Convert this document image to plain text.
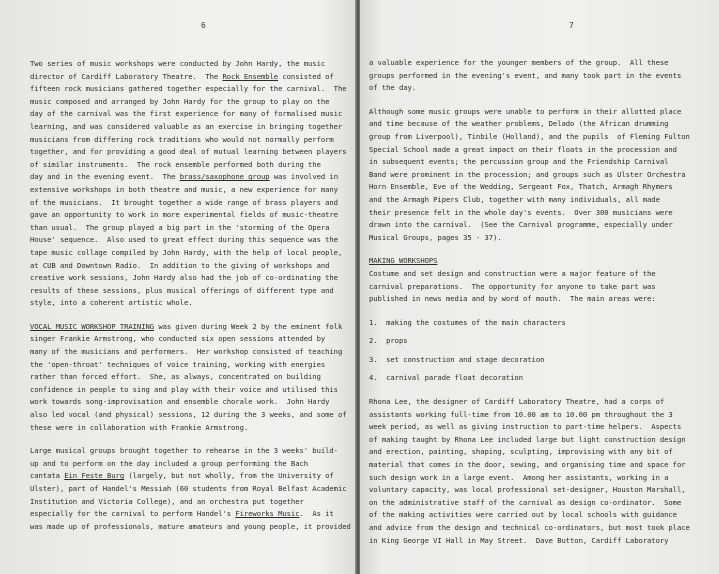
6

Two series of music workshops were conducted by John Hardy, the music

director of Cardiff Laboratory Theatre.  The Rock Ensemble consisted of

fifteen rock musicians gathered together especially for the carnival.  The

music composed and arranged by John Hardy for the group to play on the

day of the carnival was the first experience for many of formalised music

learning, and was considered valuable as an exercise in bringing together

musicians from differing rock traditions who would not normally perform

together, and for providing a good deal of mutual learning between players

of similar instruments.  The rock ensemble performed both during the

day and in the evening event.  The brass/saxophone group was involved in

extensive workshops in both theatre and music, a new experience for many

of the musicians.  It brought together a wide range of brass players and

gave an opportunity to work in more experimental fields of music-theatre

than usual.  The group played a big part in the 'storming of the Opera

House' sequence.  Also used to great effect during this sequence was the

tape music collage compiled by John Hardy, with the help of local people,

at CUB and Downtown Radio.  In addition to the giving of workshops and

creative work sessions, John Hardy also had the job of co-ordinating the

results of these sessions, plus musical offerings of different type and

style, into a coherent artistic whole.

VOCAL MUSIC WORKSHOP TRAINING was given during Week 2 by the eminent folk

singer Frankie Armstrong, who conducted six open sessions attended by

many of the musicians and performers.  Her workshop consisted of teaching

the 'open-throat' techniques of voice training, working with energies

rather than forced effort.  She, as always, concentrated on building

confidence in people to sing and play with their voice and utilised this

work towards song-improvisation and ensemble chorale work.  John Hardy

also led vocal (and physical) sessions, 12 during the 3 weeks, and some of

these were in collaboration with Frankie Armstrong.

Large musical groups brought together to rehearse in the 3 weeks' build-

up and to perform on the day included a group performing the Bach

cantata Ein Feste Burg (largely, but not wholly, from the University of

Ulster), part of Handel's Messiah (60 students from Royal Belfast Academic

Institution and Victoria College), and an orchestra put together

especially for the carnival to perform Handel's Fireworks Music.  As it

was made up of professionals, mature amateurs and young people, it provided

7

a valuable experience for the younger members of the group.  All these

groups performed in the evening's event, and many took part in the events

of the day.

Although some music groups were unable to perform in their allotted place

and time because of the weather problems, Delado (the African drumming

group from Liverpool), Tinbile (Holland), and the pupils  of Fleming Fulton

Special School made a great impact on their floats in the procession and

in subsequent events; the percussion group and the Friendship Carnival

Band were prominent in the procession; and groups such as Ulster Orchestra

Horn Ensemble, Eve of the Wedding, Sergeant Fox, Thatch, Armagh Rhymers

and the Armagh Pipers Club, together with many individuals, all made

their presence felt in the whole day's events.  Over 300 musicians were

drawn into the carnival.  (See the Carnival programme, especially under

Musical Groups, pages 35 - 37).

MAKING WORKSHOPS

Costume and set design and construction were a major feature of the

carnival preparations.  The opportunity for anyone to take part was

published in news media and by word of mouth.  The main areas were:

1.  making the costumes of the main characters

2.  props

3.  set construction and stage decoration

4.  carnival parade float decoration

Rhona Lee, the designer of Cardiff Laboratory Theatre, had a corps of

assistants working full-time from 10.00 am to 10.00 pm throughout the 3

week period, as well as giving instruction to part-time helpers.  Aspects

of making taught by Rhona Lee included large but light construction design

and erection, painting, shaping, sculpting, improvising with any bit of

material that comes in the door, sewing, and organising time and space for

such design work in a large event.  Among her assistants, working in a

voluntary capacity, was local professional set-designer, Houston Marshall,

on the administrative staff of the carnival as design co-ordinator.  Some

of the making activities were carried out by local schools with guidance

and advice from the design and technical co-ordinators, but most took place

in King George VI Hall in May Street.  Dave Button, Cardiff Laboratory
